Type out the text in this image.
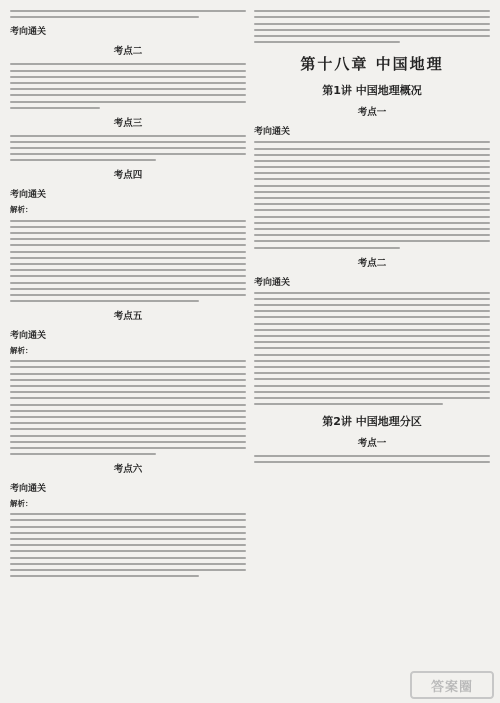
考向通关
考点二
考点三
考点四
考向通关
解析：
考点五
考向通关
解析：
考点六
考向通关
解析：
第十八章 中国地理
第1讲 中国地理概况
考点一
考向通关
考点二
考向通关
第2讲 中国地理分区
考点一
答案圈
